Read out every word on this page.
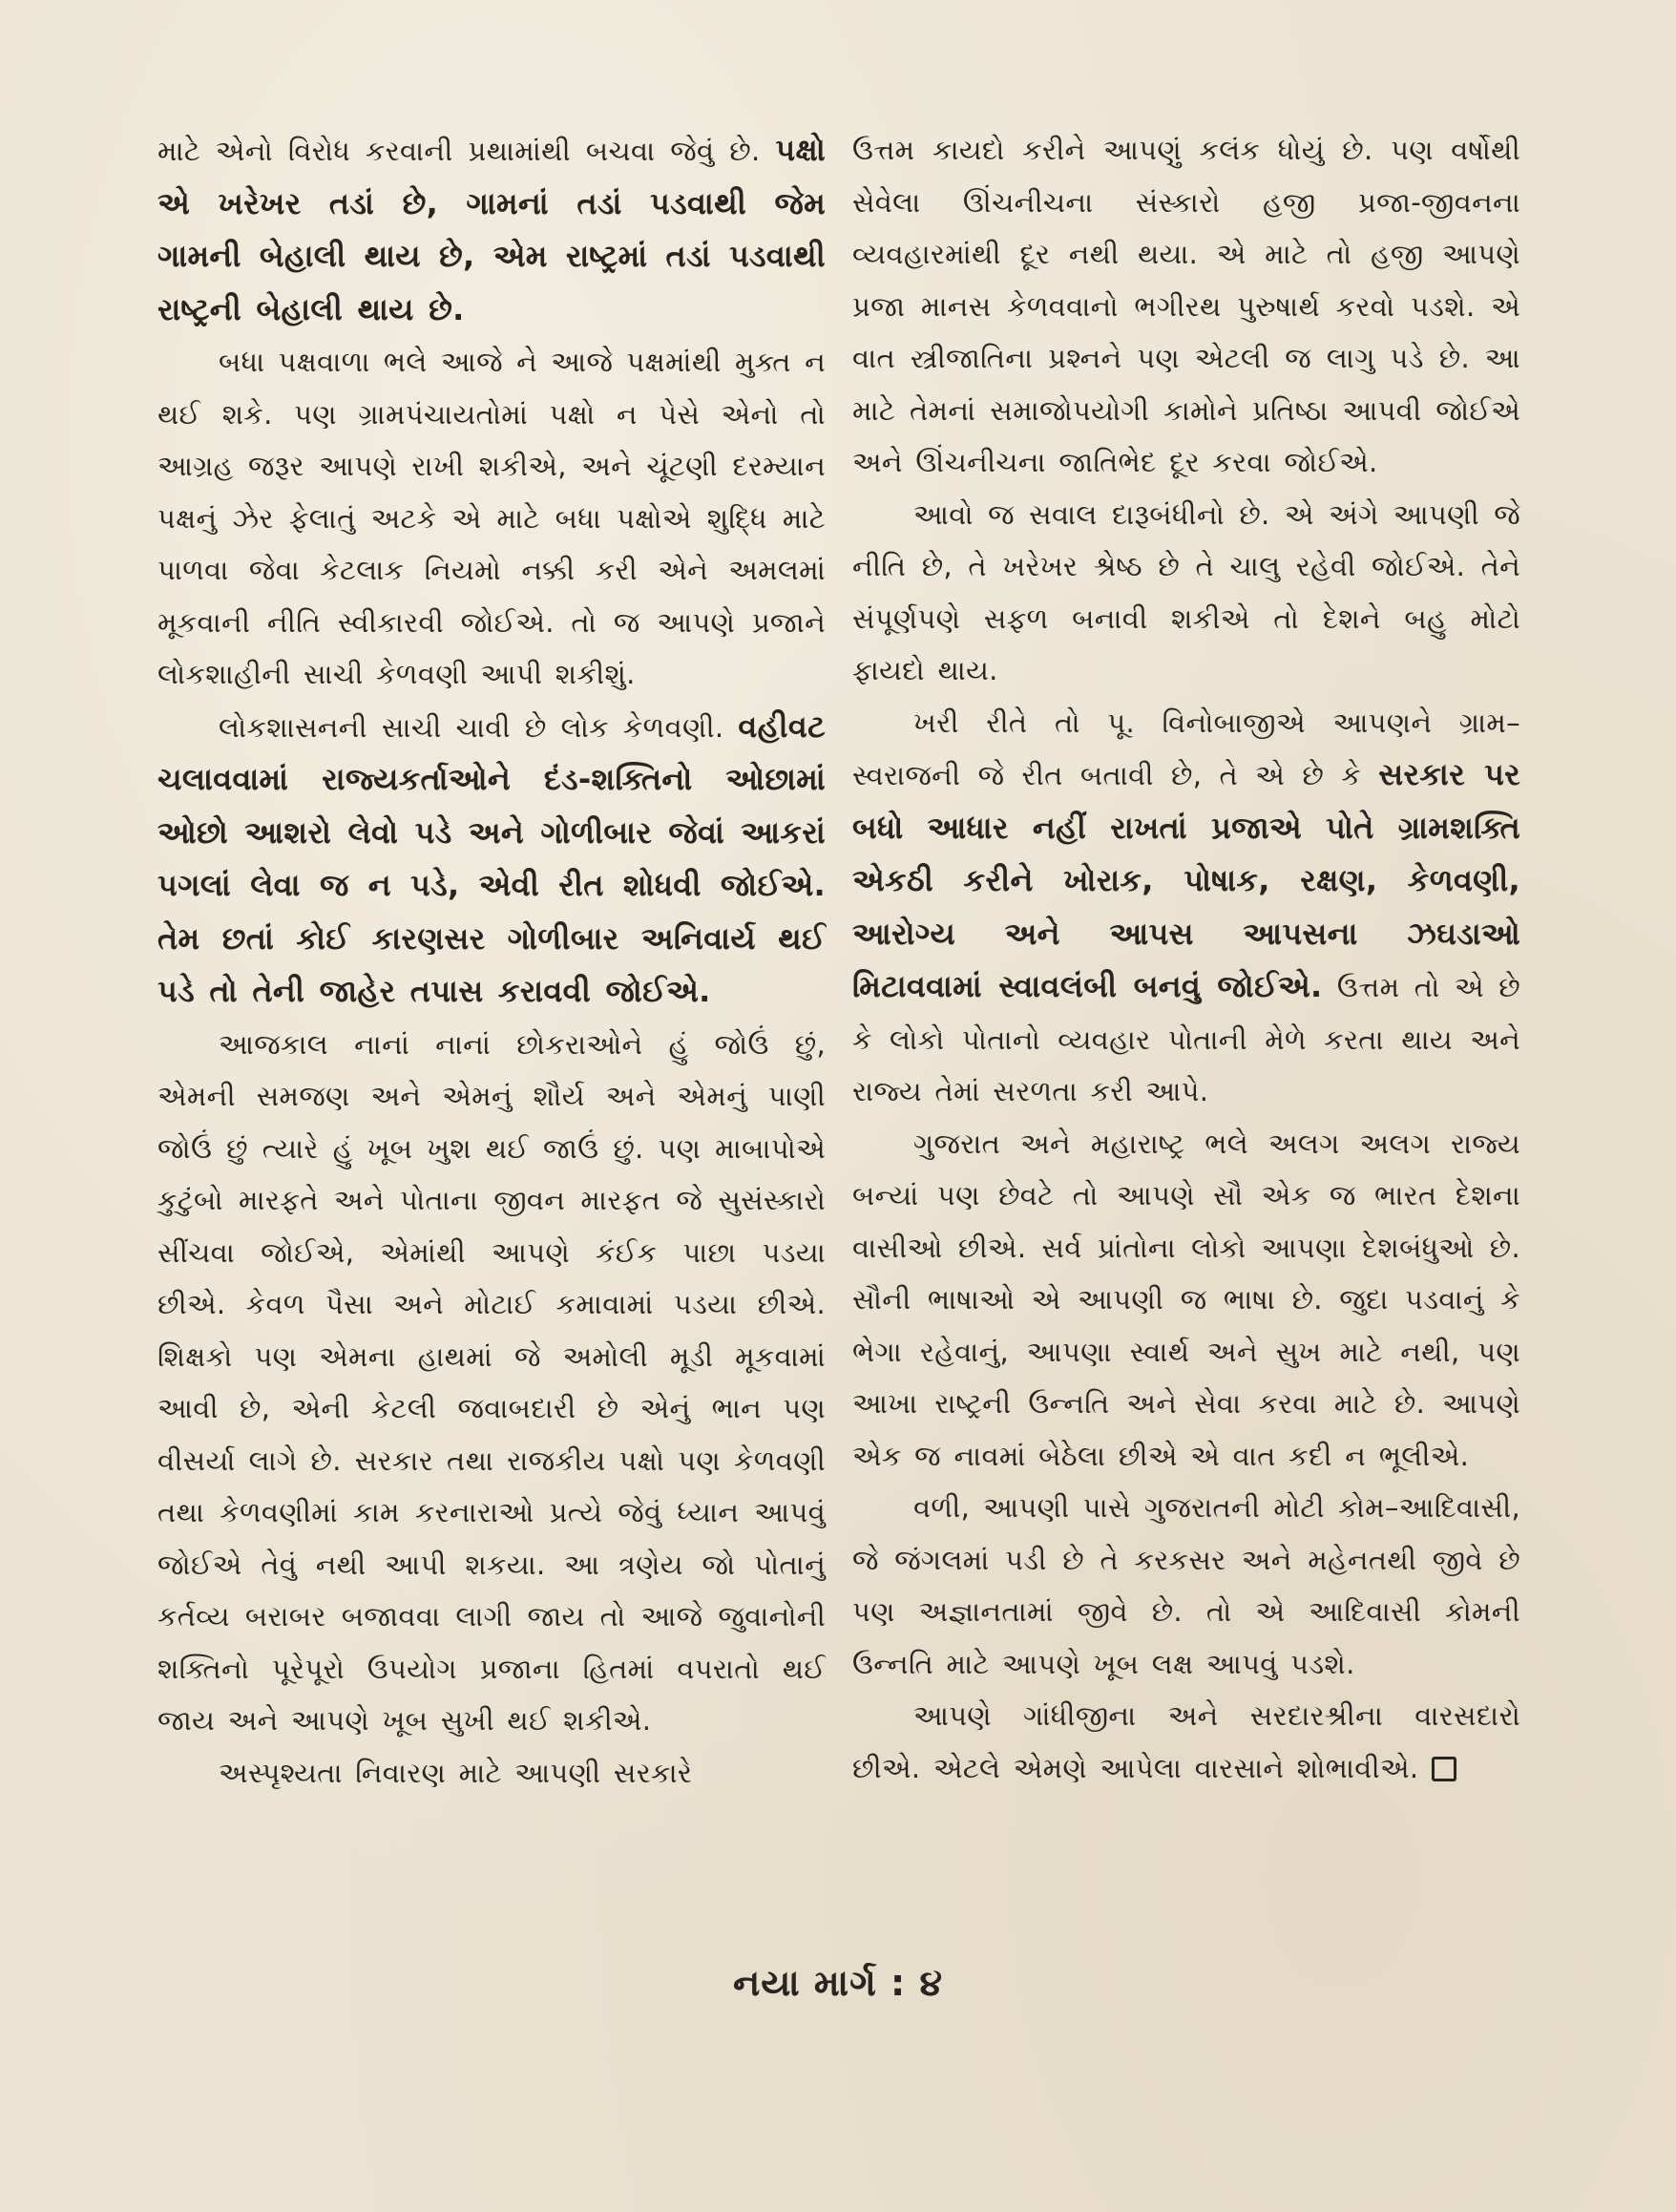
માટે એનો વિરોધ કરવાની પ્રથામાંથી બચવા જેવું છે. પક્ષો એ ખરેખર તડાં છે, ગામનાં તડાં પડવાથી જેમ ગામની બેહાલી થાય છે, એમ રાષ્ટ્રમાં તડાં પડવાથી રાષ્ટ્રની બેહાલી થાય છે.

બધા પક્ષવાળા ભલે આજે ને આજે પક્ષમાંથી મુક્ત ન થઈ શકે. પણ ગ્રામપંચાયતોમાં પક્ષો ન પેસે એનો તો આગ્રહ જરૂર આપણે રાખી શકીએ, અને ચૂંટણી દરમ્યાન પક્ષનું ઝેર ફેલાતું અટકે એ માટે બધા પક્ષોએ શુદ્ધિ માટે પાળવા જેવા કેટલાક નિયમો નક્કી કરી એને અમલમાં મૂકવાની નીતિ સ્વીકારવી જોઈએ. તો જ આપણે પ્રજાને લોકશાહીની સાચી કેળવણી આપી શકીશું.

લોકશાસનની સાચી ચાવી છે લોક કેળવણી. વહીવટ ચલાવવામાં રાજ્યકર્તાઓને દંડ-શક્તિનો ઓછામાં ઓછો આશરો લેવો પડે અને ગોળીબાર જેવાં આકરાં પગલાં લેવા જ ન પડે, એવી રીત શોધવી જોઈએ. તેમ છતાં કોઈ કારણસર ગોળીબાર અનિવાર્ય થઈ પડે તો તેની જાહેર તપાસ કરાવવી જોઈએ.

આજકાલ નાનાં નાનાં છોકરાઓને હું જોઉં છું, એમની સમજણ અને એમનું શૌર્ય અને એમનું પાણી જોઉં છું ત્યારે હું ખૂબ ખુશ થઈ જાઉં છું. પણ માબાપોએ કુટુંબો મારફતે અને પોતાના જીવન મારફત જે સુસંસ્કારો સીંચવા જોઈએ, એમાંથી આપણે કંઈક પાછા પડયા છીએ. કેવળ પૈસા અને મોટાઈ કમાવામાં પડયા છીએ. શિક્ષકો પણ એમના હાથમાં જે અમોલી મૂડી મૂકવામાં આવી છે, એની કેટલી જવાબદારી છે એનું ભાન પણ વીસર્યા લાગે છે. સરકાર તથા રાજકીય પક્ષો પણ કેળવણી તથા કેળવણીમાં કામ કરનારાઓ પ્રત્યે જેવું ધ્યાન આપવું જોઈએ તેવું નથી આપી શકયા. આ ત્રણેય જો પોતાનું કર્તવ્ય બરાબર બજાવવા લાગી જાય તો આજે જુવાનોની શક્તિનો પૂરેપૂરો ઉપયોગ પ્રજાના હિતમાં વપરાતો થઈ જાય અને આપણે ખૂબ સુખી થઈ શકીએ.

અસ્પૃશ્યતા નિવારણ માટે આપણી સરકારે

ઉત્તમ કાયદો કરીને આપણું કલંક ધોયું છે. પણ વર્ષોથી સેવેલા ઊંચનીચના સંસ્કારો હજી પ્રજા-જીવનના વ્યવહારમાંથી દૂર નથી થયા. એ માટે તો હજી આપણે પ્રજા માનસ કેળવવાનો ભગીરથ પુરુષાર્થ કરવો પડશે. એ વાત સ્ત્રીજાતિના પ્રશ્નને પણ એટલી જ લાગુ પડે છે. આ માટે તેમનાં સમાજોપયોગી કામોને પ્રતિષ્ઠા આપવી જોઈએ અને ઊંચનીચના જાતિભેદ દૂર કરવા જોઈએ.

આવો જ સવાલ દારૂબંધીનો છે. એ અંગે આપણી જે નીતિ છે, તે ખરેખર શ્રેષ્ઠ છે તે ચાલુ રહેવી જોઈએ. તેને સંપૂર્ણપણે સફળ બનાવી શકીએ તો દેશને બહુ મોટો ફાયદો થાય.

ખરી રીતે તો પૂ. વિનોબાજીએ આપણને ગ્રામ–સ્વરાજની જે રીત બતાવી છે, તે એ છે કે સરકાર પર બધો આધાર નહીં રાખતાં પ્રજાએ પોતે ગ્રામશક્તિ એકઠી કરીને ખોરાક, પોષાક, રક્ષણ, કેળવણી, આરોગ્ય અને આપસ આપસના ઝઘડાઓ મિટાવવામાં સ્વાવલંબી બનવું જોઈએ. ઉત્તમ તો એ છે કે લોકો પોતાનો વ્યવહાર પોતાની મેળે કરતા થાય અને રાજ્ય તેમાં સરળતા કરી આપે.

ગુજરાત અને મહારાષ્ટ્ર ભલે અલગ અલગ રાજ્ય બન્યાં પણ છેવટે તો આપણે સૌ એક જ ભારત દેશના વાસીઓ છીએ. સર્વ પ્રાંતોના લોકો આપણા દેશબંધુઓ છે. સૌની ભાષાઓ એ આપણી જ ભાષા છે. જુદા પડવાનું કે ભેગા રહેવાનું, આપણા સ્વાર્થ અને સુખ માટે નથી, પણ આખા રાષ્ટ્રની ઉન્નતિ અને સેવા કરવા માટે છે. આપણે એક જ નાવમાં બેઠેલા છીએ એ વાત કદી ન ભૂલીએ.

વળી, આપણી પાસે ગુજરાતની મોટી કોમ–આદિવાસી, જે જંગલમાં પડી છે તે કરકસર અને મહેનતથી જીવે છે પણ અજ્ઞાનતામાં જીવે છે. તો એ આદિવાસી કોમની ઉન્નતિ માટે આપણે ખૂબ લક્ષ આપવું પડશે.

આપણે ગાંધીજીના અને સરદારશ્રીના વારસદારો છીએ. એટલે એમણે આપેલા વારસાને શોભાવીએ.

નયા માર્ગ : ૪
